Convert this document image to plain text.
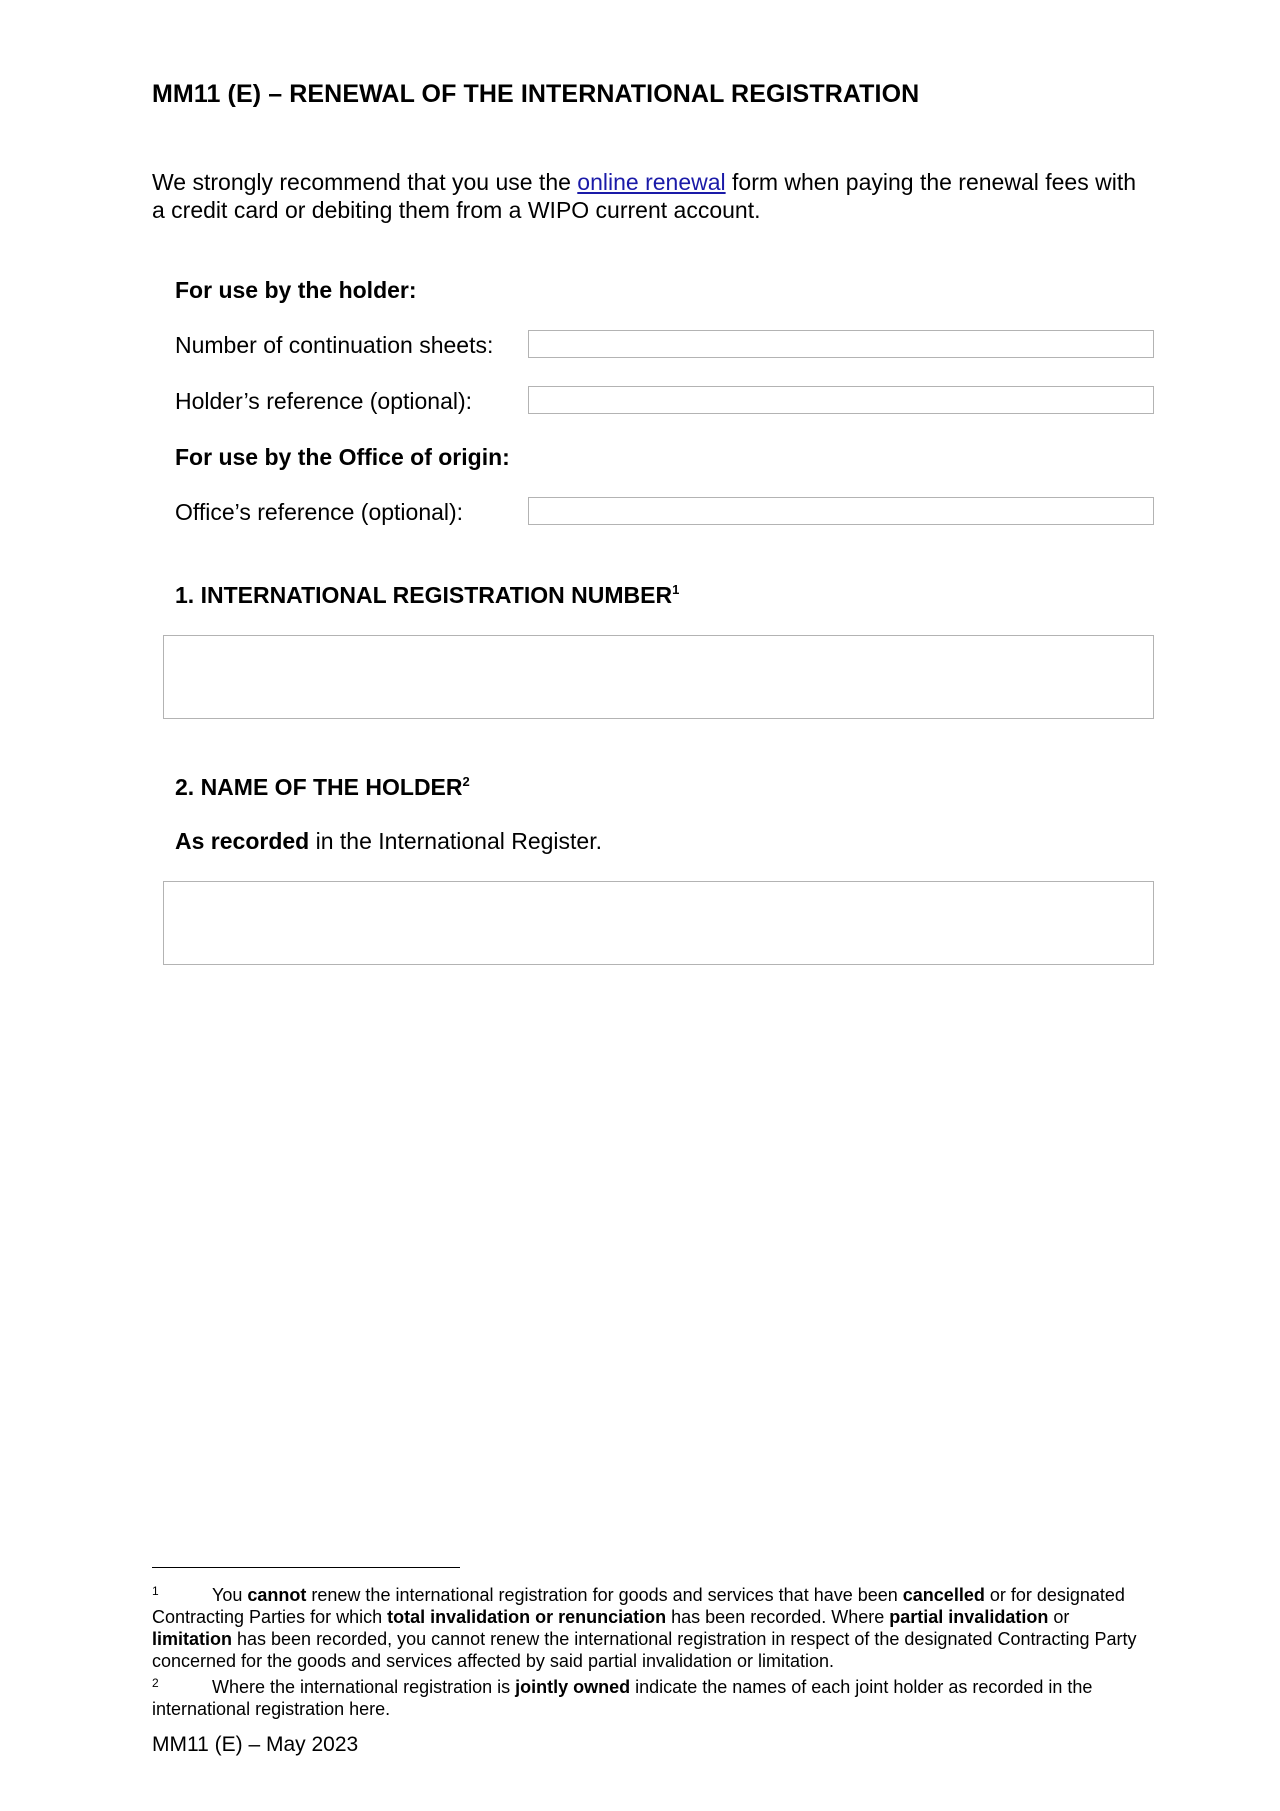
MM11 (E) – RENEWAL OF THE INTERNATIONAL REGISTRATION

We strongly recommend that you use the online renewal form when paying the renewal fees with a credit card or debiting them from a WIPO current account.

For use by the holder:
Number of continuation sheets:
Holder’s reference (optional):
For use by the Office of origin:
Office’s reference (optional):
1. INTERNATIONAL REGISTRATION NUMBER$^1$
2. NAME OF THE HOLDER$^2$
As recorded in the International Register.

1	You cannot renew the international registration for goods and services that have been cancelled or for designated Contracting Parties for which total invalidation or renunciation has been recorded. Where partial invalidation or limitation has been recorded, you cannot renew the international registration in respect of the designated Contracting Party concerned for the goods and services affected by said partial invalidation or limitation.

2	Where the international registration is jointly owned indicate the names of each joint holder as recorded in the international registration here.

MM11 (E) – May 2023
